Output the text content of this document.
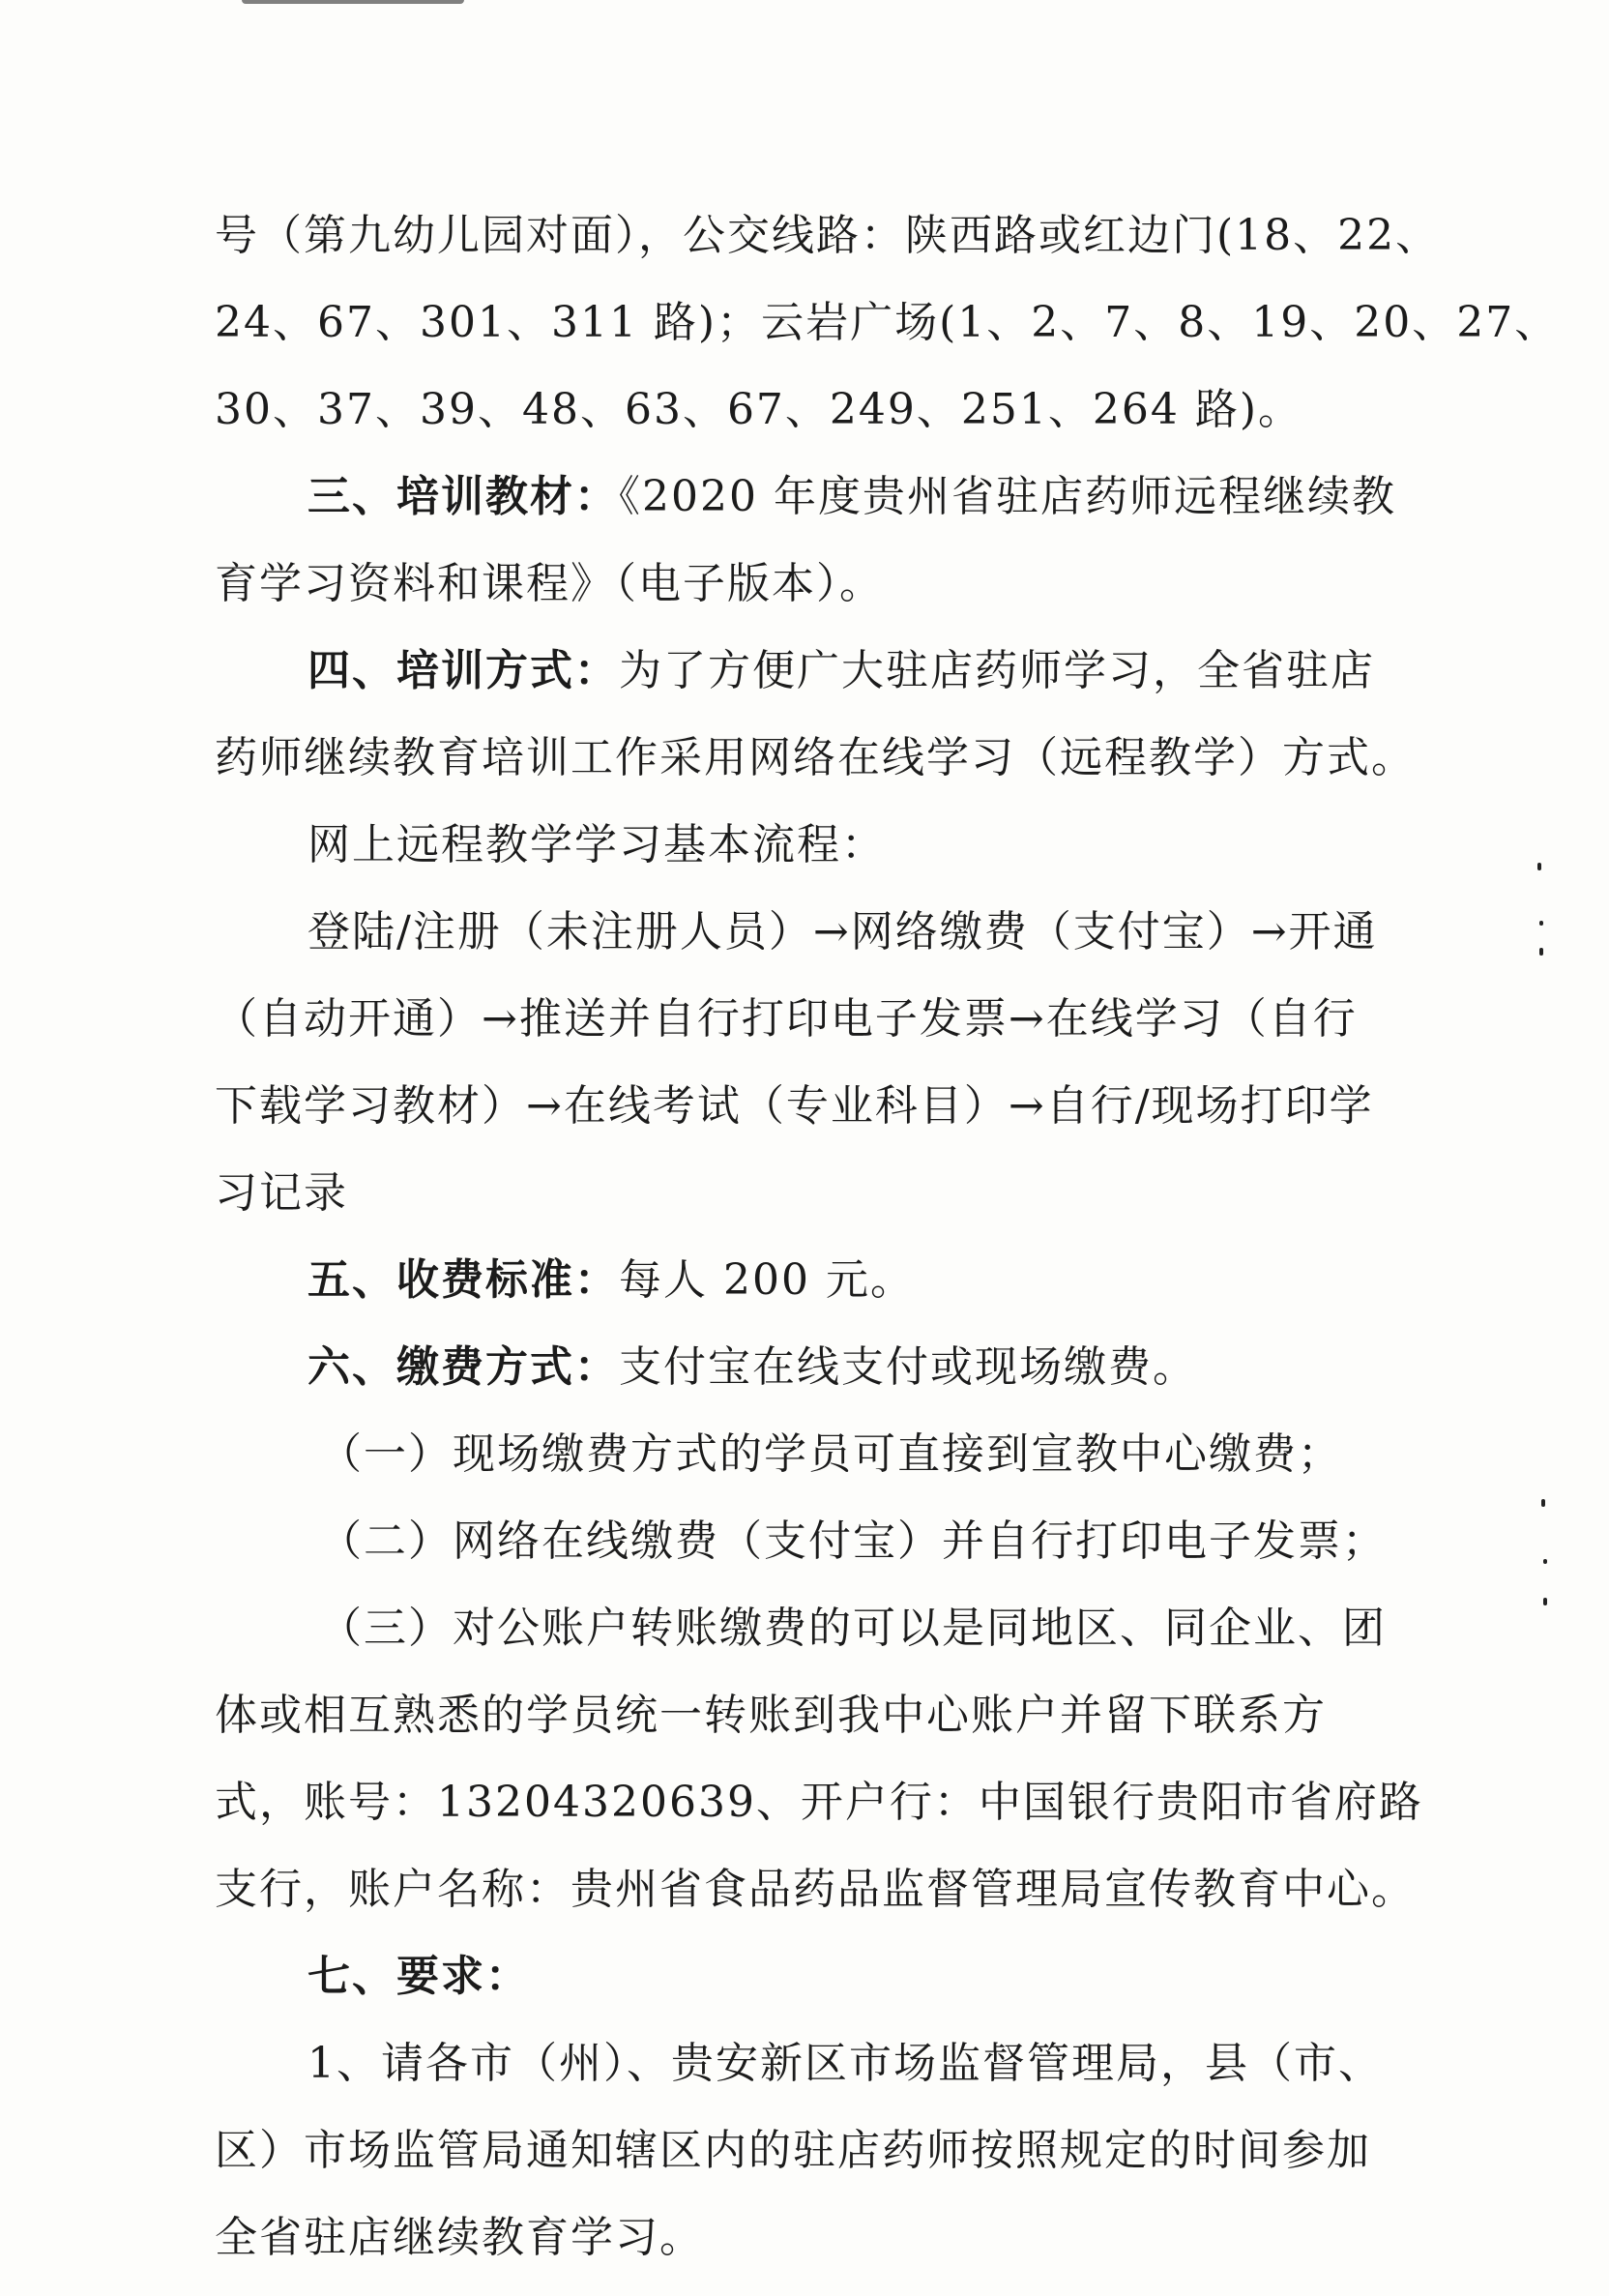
号（第九幼儿园对面），公交线路：陕西路或红边门(18、22、
24、67、301、311 路)；云岩广场(1、2、7、8、19、20、27、
30、37、39、48、63、67、249、251、264 路)。
三、培训教材：《2020 年度贵州省驻店药师远程继续教
育学习资料和课程》（电子版本）。
四、培训方式：为了方便广大驻店药师学习，全省驻店
药师继续教育培训工作采用网络在线学习（远程教学）方式。
网上远程教学学习基本流程：
登陆/注册（未注册人员）→网络缴费（支付宝）→开通
（自动开通）→推送并自行打印电子发票→在线学习（自行
下载学习教材）→在线考试（专业科目）→自行/现场打印学
习记录
五、收费标准：每人 200 元。
六、缴费方式：支付宝在线支付或现场缴费。
（一）现场缴费方式的学员可直接到宣教中心缴费；
（二）网络在线缴费（支付宝）并自行打印电子发票；
（三）对公账户转账缴费的可以是同地区、同企业、团
体或相互熟悉的学员统一转账到我中心账户并留下联系方
式，账号：13204320639、开户行：中国银行贵阳市省府路
支行，账户名称：贵州省食品药品监督管理局宣传教育中心。
七、要求：
1、请各市（州）、贵安新区市场监督管理局，县（市、
区）市场监管局通知辖区内的驻店药师按照规定的时间参加
全省驻店继续教育学习。
